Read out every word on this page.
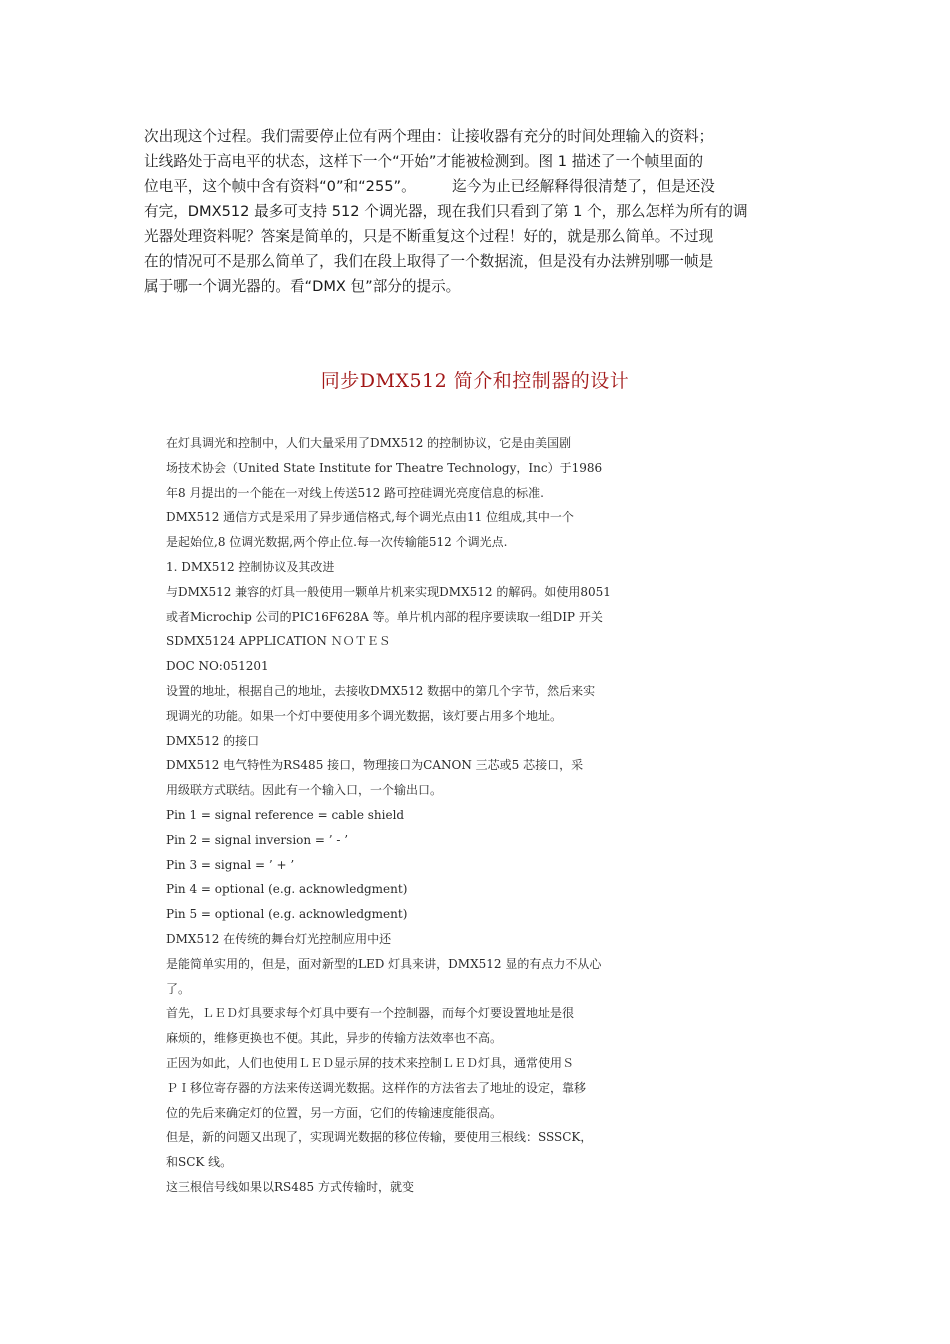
次出现这个过程。我们需要停止位有两个理由：让接收器有充分的时间处理输入的资料；
让线路处于高电平的状态，这样下一个“开始”才能被检测到。图 1 描述了一个帧里面的
位电平，这个帧中含有资料“0”和“255”。　　　迄今为止已经解释得很清楚了，但是还没
有完，DMX512 最多可支持 512 个调光器，现在我们只看到了第 1 个，那么怎样为所有的调
光器处理资料呢？答案是简单的，只是不断重复这个过程！好的，就是那么简单。不过现
在的情况可不是那么简单了，我们在段上取得了一个数据流，但是没有办法辨别哪一帧是
属于哪一个调光器的。看“DMX 包”部分的提示。
同步DMX512 简介和控制器的设计
在灯具调光和控制中，人们大量采用了DMX512 的控制协议，它是由美国剧
场技术协会（United State Institute for Theatre Technology，Inc）于1986
年8 月提出的一个能在一对线上传送512 路可控硅调光亮度信息的标准.
DMX512 通信方式是采用了异步通信格式,每个调光点由11 位组成,其中一个
是起始位,8 位调光数据,两个停止位.每一次传输能512 个调光点.
1. DMX512 控制协议及其改进
与DMX512 兼容的灯具一般使用一颗单片机来实现DMX512 的解码。如使用8051
或者Microchip 公司的PIC16F628A 等。单片机内部的程序要读取一组DIP 开关
SDMX5124 APPLICATION ＮＯＴＥＳ
DOC NO:051201
设置的地址，根据自己的地址，去接收DMX512 数据中的第几个字节，然后来实
现调光的功能。如果一个灯中要使用多个调光数据，该灯要占用多个地址。
DMX512 的接口
DMX512 电气特性为RS485 接口，物理接口为CANON 三芯或5 芯接口，采
用级联方式联结。因此有一个输入口，一个输出口。
Pin 1 = signal reference = cable shield
Pin 2 = signal inversion = ’ - ’
Pin 3 = signal = ’ + ’
Pin 4 = optional (e.g. acknowledgment)
Pin 5 = optional (e.g. acknowledgment)
DMX512 在传统的舞台灯光控制应用中还
是能简单实用的，但是，面对新型的LED 灯具来讲，DMX512 显的有点力不从心
了。
首先，ＬＥＤ灯具要求每个灯具中要有一个控制器，而每个灯要设置地址是很
麻烦的，维修更换也不便。其此，异步的传输方法效率也不高。
正因为如此，人们也使用ＬＥＤ显示屏的技术来控制ＬＥＤ灯具，通常使用Ｓ
ＰＩ移位寄存器的方法来传送调光数据。这样作的方法省去了地址的设定，靠移
位的先后来确定灯的位置，另一方面，它们的传输速度能很高。
但是，新的问题又出现了，实现调光数据的移位传输，要使用三根线：SSSCK，
和SCK 线。
这三根信号线如果以RS485 方式传输时，就变
